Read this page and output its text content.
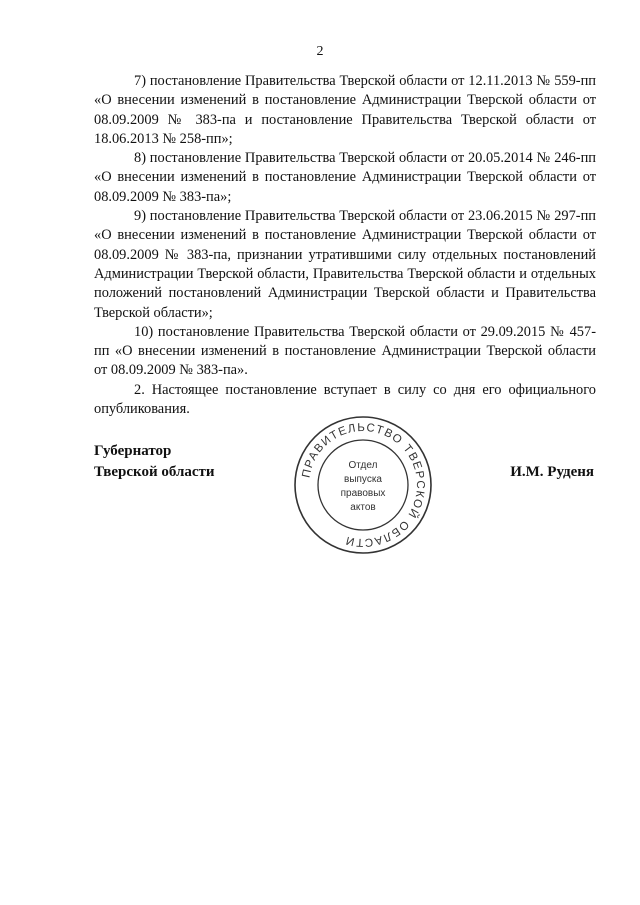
2

7) постановление Правительства Тверской области от 12.11.2013 № 559-пп «О внесении изменений в постановление Администрации Тверской области от 08.09.2009 № 383-па и постановление Правительства Тверской области от 18.06.2013 № 258-пп»;

8) постановление Правительства Тверской области от 20.05.2014 № 246-пп «О внесении изменений в постановление Администрации Тверской области от 08.09.2009 № 383-па»;

9) постановление Правительства Тверской области от 23.06.2015 № 297-пп «О внесении изменений в постановление Администрации Тверской области от 08.09.2009 № 383-па, признании утратившими силу отдельных постановлений Администрации Тверской области, Правительства Тверской области и отдельных положений постановлений Администрации Тверской области и Правительства Тверской области»;

10) постановление Правительства Тверской области от 29.09.2015 № 457-пп «О внесении изменений в постановление Администрации Тверской области от 08.09.2009 № 383-па».

2. Настоящее постановление вступает в силу со дня его официального опубликования.

Губернатор
Тверской области	ПРАВИТЕЛЬСТВО ТВЕРСКОЙ ОБЛАСТИ
Отдел
выпуска
правовых
актов
И.М. Руденя
